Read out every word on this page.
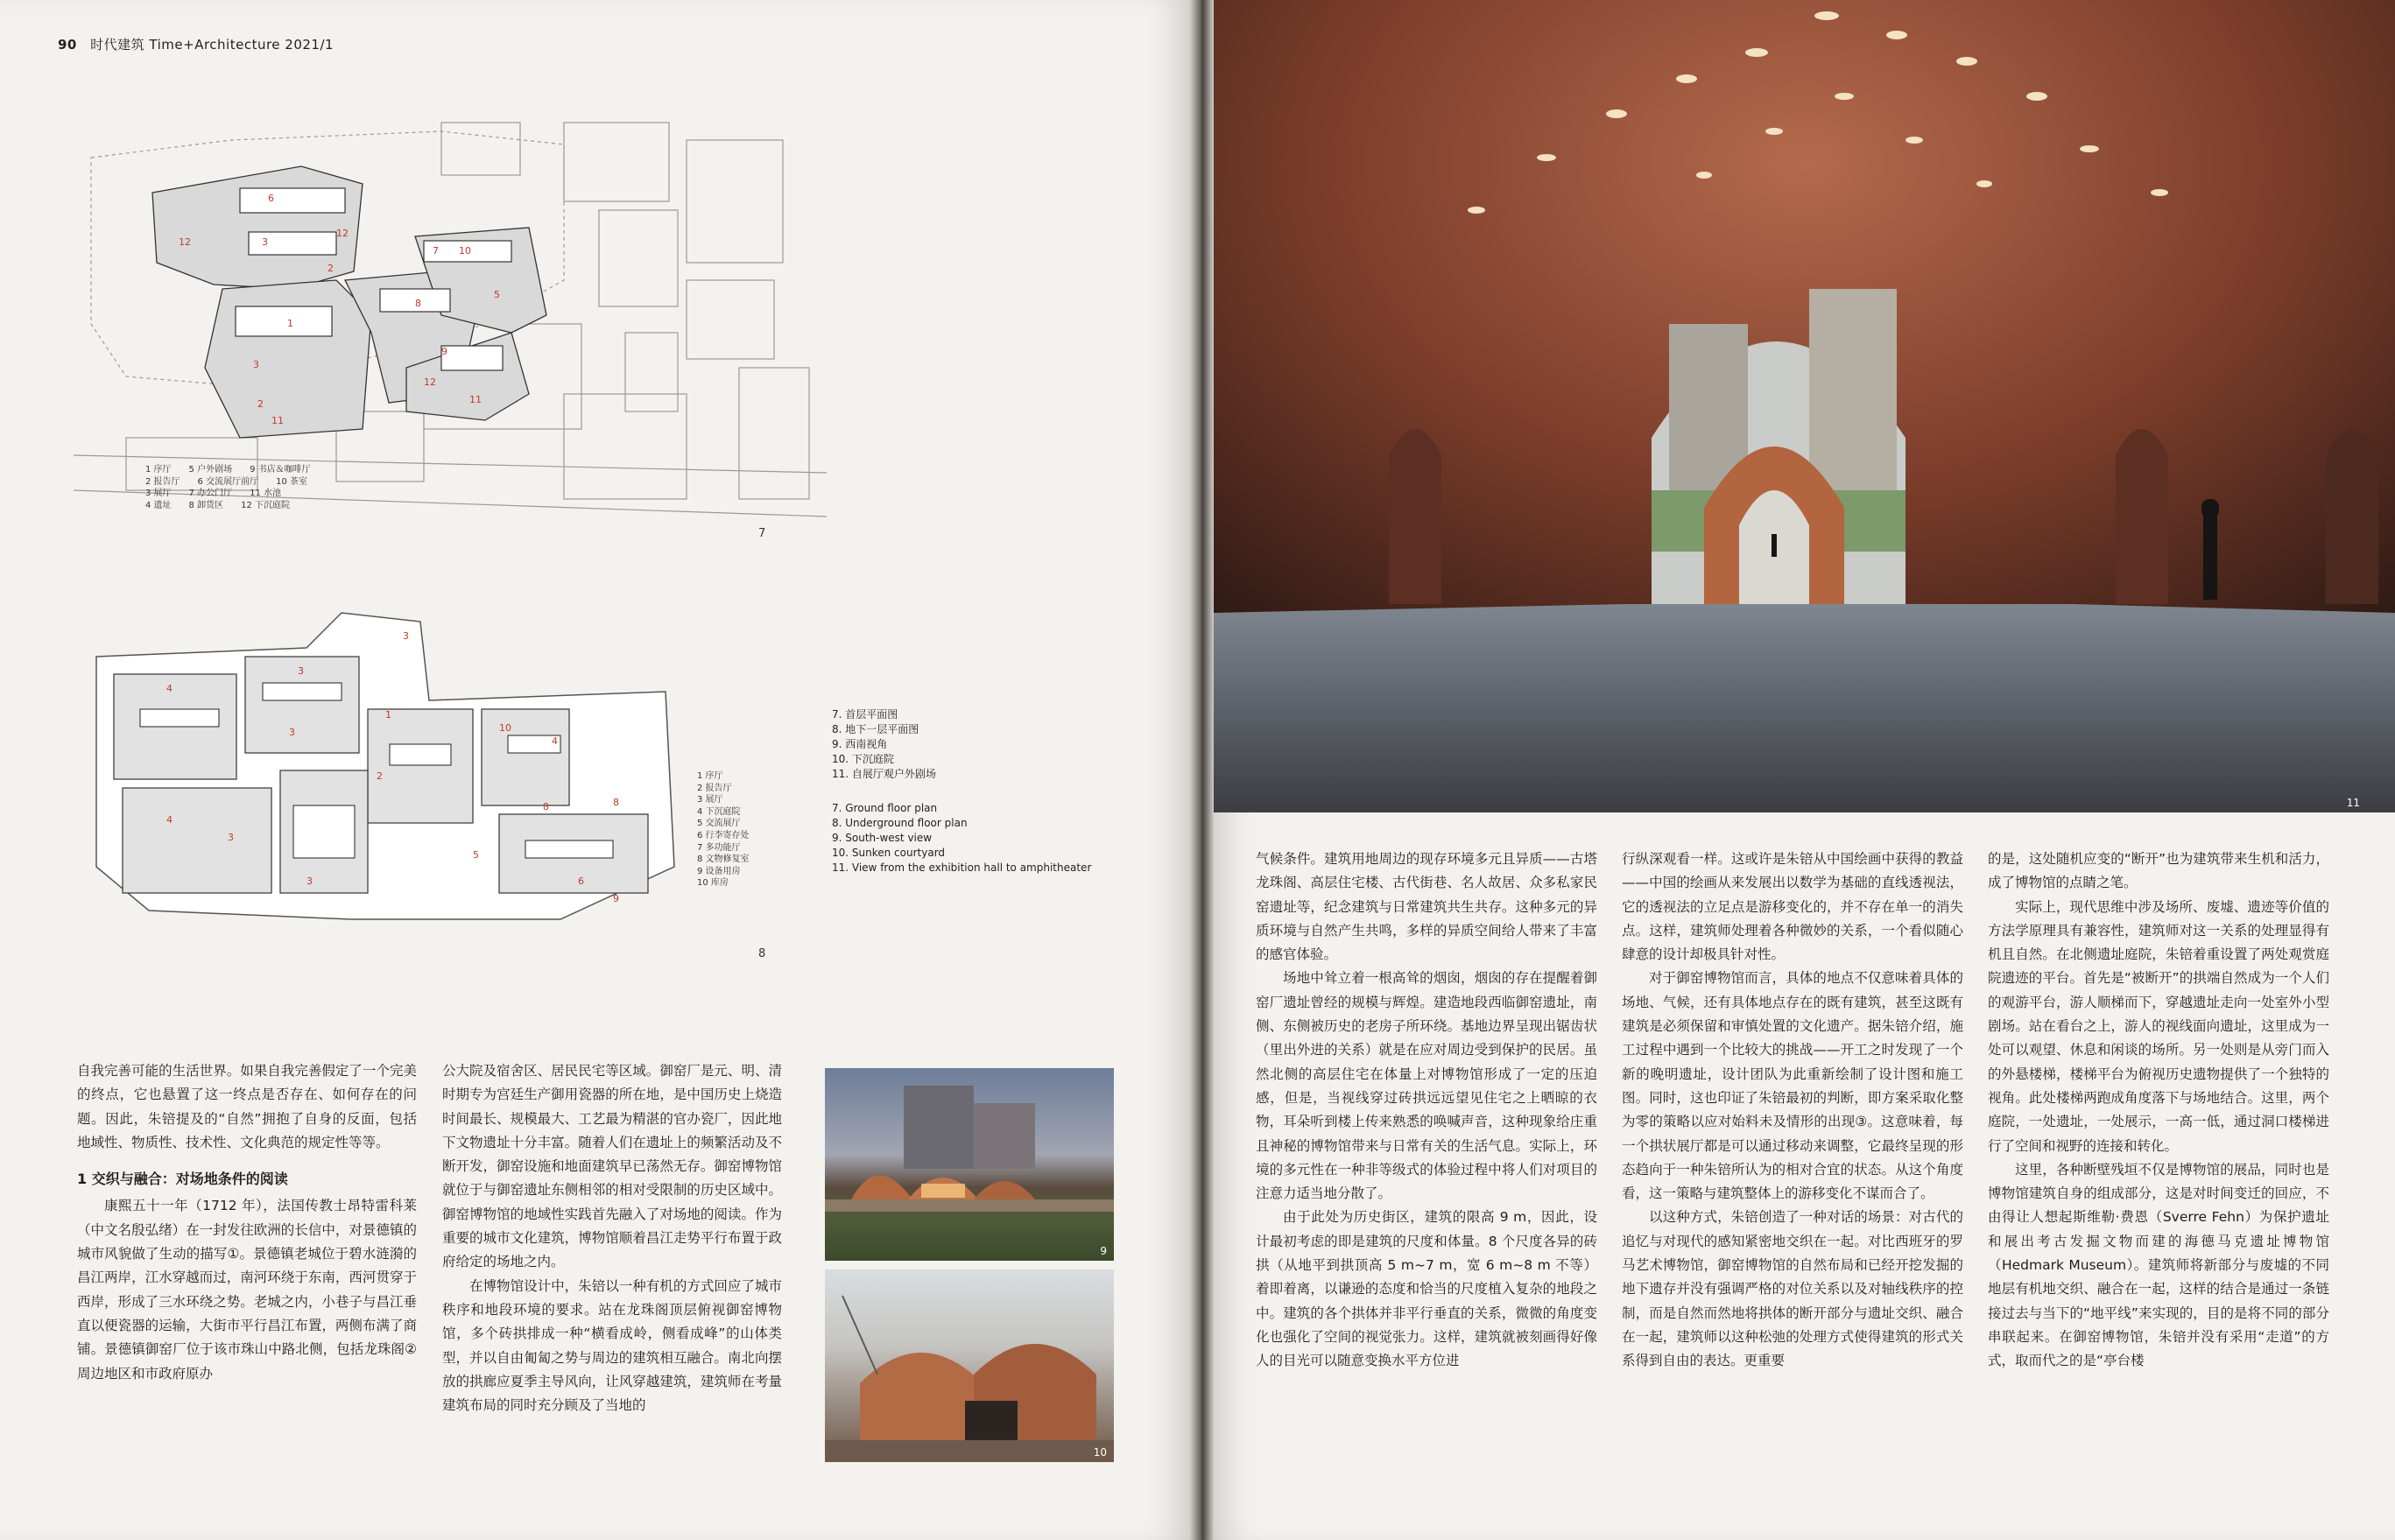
90 时代建筑 Time+Architecture 2021/1
6
12
12
3
2
1
3
2
11
7 10
8
9
12
11
5
1 序厅 5 户外剧场 9 书店＆咖啡厅
2 报告厅 6 交流展厅前厅 10 茶室
3 展厅 7 办公门厅 11 水池
4 遗址 8 卸货区 12 下沉庭院
7
4
3
3
3
1
2
10
4
4
3
3
5
8	8
6
9
1 序厅
2 报告厅
3 展厅
4 下沉庭院
5 交流展厅
6 行李寄存处
7 多功能厅
8 文物修复室
9 设备用房
10 库房
8
7. 首层平面图
8. 地下一层平面图
9. 西南视角
10. 下沉庭院
11. 自展厅观户外剧场
7. Ground floor plan
8. Underground floor plan
9. South-west view
10. Sunken courtyard
11. View from the exhibition hall to amphitheater

自我完善可能的生活世界。如果自我完善假定了一个完美的终点，它也悬置了这一终点是否存在、如何存在的问题。因此，朱锫提及的“自然”拥抱了自身的反面，包括地域性、物质性、技术性、文化典范的规定性等等。

1 交织与融合：对场地条件的阅读

康熙五十一年（1712 年），法国传教士昂特雷科莱（中文名殷弘绪）在一封发往欧洲的长信中，对景德镇的城市风貌做了生动的描写①。景德镇老城位于碧水涟漪的昌江两岸，江水穿越而过，南河环绕于东南，西河贯穿于西岸，形成了三水环绕之势。老城之内，小巷子与昌江垂直以便瓷器的运输，大街市平行昌江布置，两侧布满了商铺。景德镇御窑厂位于该市珠山中路北侧，包括龙珠阁②周边地区和市政府原办

公大院及宿舍区、居民民宅等区域。御窑厂是元、明、清时期专为宫廷生产御用瓷器的所在地，是中国历史上烧造时间最长、规模最大、工艺最为精湛的官办瓷厂，因此地下文物遗址十分丰富。随着人们在遗址上的频繁活动及不断开发，御窑设施和地面建筑早已荡然无存。御窑博物馆就位于与御窑遗址东侧相邻的相对受限制的历史区域中。御窑博物馆的地域性实践首先融入了对场地的阅读。作为重要的城市文化建筑，博物馆顺着昌江走势平行布置于政府给定的场地之内。

在博物馆设计中，朱锫以一种有机的方式回应了城市秩序和地段环境的要求。站在龙珠阁顶层俯视御窑博物馆，多个砖拱排成一种“横看成岭，侧看成峰”的山体类型，并以自由匍匐之势与周边的建筑相互融合。南北向摆放的拱廊应夏季主导风向，让风穿越建筑，建筑师在考量建筑布局的同时充分顾及了当地的

9
10
11

气候条件。建筑用地周边的现存环境多元且异质——古塔龙珠阁、高层住宅楼、古代街巷、名人故居、众多私家民窑遗址等，纪念建筑与日常建筑共生共存。这种多元的异质环境与自然产生共鸣，多样的异质空间给人带来了丰富的感官体验。

场地中耸立着一根高耸的烟囱，烟囱的存在提醒着御窑厂遗址曾经的规模与辉煌。建造地段西临御窑遗址，南侧、东侧被历史的老房子所环绕。基地边界呈现出锯齿状（里出外进的关系）就是在应对周边受到保护的民居。虽然北侧的高层住宅在体量上对博物馆形成了一定的压迫感，但是，当视线穿过砖拱远远望见住宅之上晒晾的衣物，耳朵听到楼上传来熟悉的唤喊声音，这种现象给庄重且神秘的博物馆带来与日常有关的生活气息。实际上，环境的多元性在一种非等级式的体验过程中将人们对项目的注意力适当地分散了。

由于此处为历史街区，建筑的限高 9 m，因此，设计最初考虑的即是建筑的尺度和体量。8 个尺度各异的砖拱（从地平到拱顶高 5 m~7 m，宽 6 m~8 m 不等）着即着离，以谦逊的态度和恰当的尺度植入复杂的地段之中。建筑的各个拱体并非平行垂直的关系，微微的角度变化也强化了空间的视觉张力。这样，建筑就被刻画得好像人的目光可以随意变换水平方位进

行纵深观看一样。这或许是朱锫从中国绘画中获得的教益——中国的绘画从来发展出以数学为基础的直线透视法，它的透视法的立足点是游移变化的，并不存在单一的消失点。这样，建筑师处理着各种微妙的关系，一个看似随心肆意的设计却极具针对性。

对于御窑博物馆而言，具体的地点不仅意味着具体的场地、气候，还有具体地点存在的既有建筑，甚至这既有建筑是必须保留和审慎处置的文化遗产。据朱锫介绍，施工过程中遇到一个比较大的挑战——开工之时发现了一个新的晚明遗址，设计团队为此重新绘制了设计图和施工图。同时，这也印证了朱锫最初的判断，即方案采取化整为零的策略以应对始料未及情形的出现③。这意味着，每一个拱状展厅都是可以通过移动来调整，它最终呈现的形态趋向于一种朱锫所认为的相对合宜的状态。从这个角度看，这一策略与建筑整体上的游移变化不谋而合了。

以这种方式，朱锫创造了一种对话的场景：对古代的追忆与对现代的感知紧密地交织在一起。对比西班牙的罗马艺术博物馆，御窑博物馆的自然布局和已经开挖发掘的地下遗存并没有强调严格的对位关系以及对轴线秩序的控制，而是自然而然地将拱体的断开部分与遗址交织、融合在一起，建筑师以这种松弛的处理方式使得建筑的形式关系得到自由的表达。更重要

的是，这处随机应变的“断开”也为建筑带来生机和活力，成了博物馆的点睛之笔。

实际上，现代思维中涉及场所、废墟、遗迹等价值的方法学原理具有兼容性，建筑师对这一关系的处理显得有机且自然。在北侧遗址庭院，朱锫着重设置了两处观赏庭院遗迹的平台。首先是“被断开”的拱端自然成为一个人们的观游平台，游人顺梯而下，穿越遗址走向一处室外小型剧场。站在看台之上，游人的视线面向遗址，这里成为一处可以观望、休息和闲谈的场所。另一处则是从旁门而入的外悬楼梯，楼梯平台为俯视历史遗物提供了一个独特的视角。此处楼梯两跑成角度落下与场地结合。这里，两个庭院，一处遗址，一处展示，一高一低，通过洞口楼梯进行了空间和视野的连接和转化。

这里，各种断壁残垣不仅是博物馆的展品，同时也是博物馆建筑自身的组成部分，这是对时间变迁的回应，不由得让人想起斯维勒·费恩（Sverre Fehn）为保护遗址和展出考古发掘文物而建的海德马克遗址博物馆（Hedmark Museum）。建筑师将新部分与废墟的不同地层有机地交织、融合在一起，这样的结合是通过一条链接过去与当下的“地平线”来实现的，目的是将不同的部分串联起来。在御窑博物馆，朱锫并没有采用“走道”的方式，取而代之的是“亭台楼
